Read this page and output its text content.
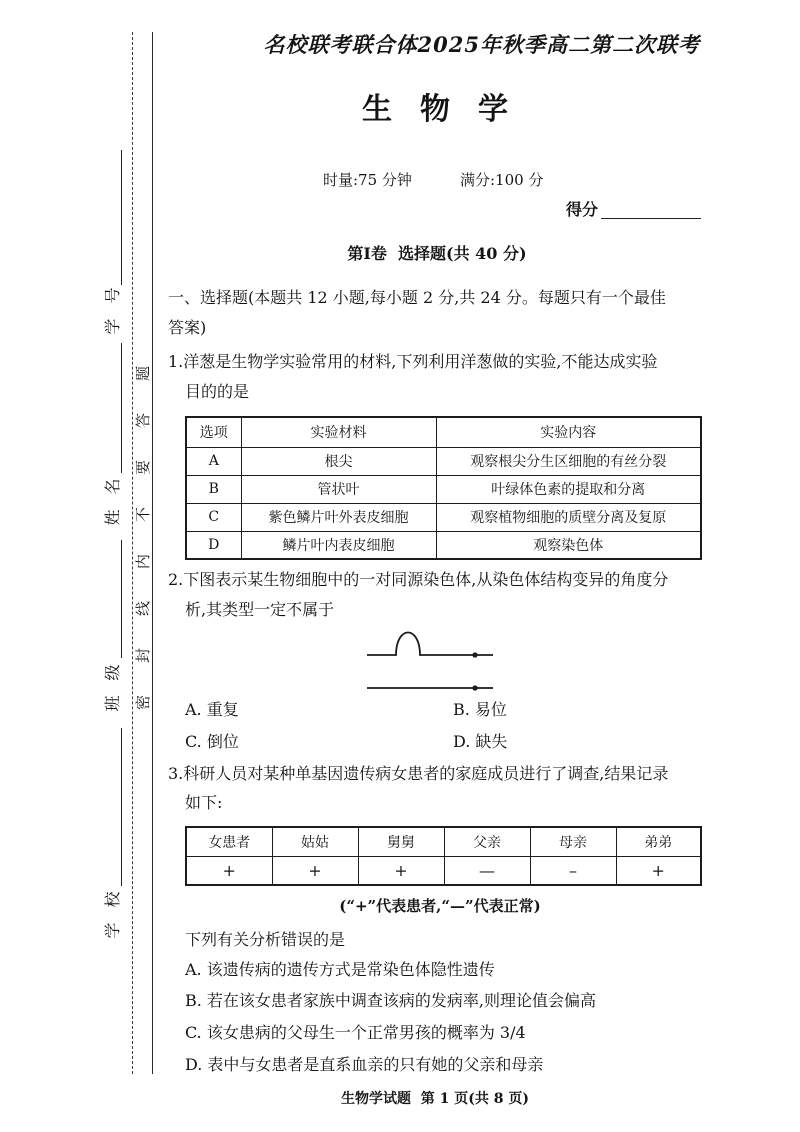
学号
姓名
班级
学校
密封线内不要答题
名校联考联合体2025年秋季高二第二次联考
生物学
时量:75 分钟	满分:100 分
得分
第Ⅰ卷  选择题(共 40 分)
一、选择题(本题共 12 小题,每小题 2 分,共 24 分。每题只有一个最佳
答案)
1.洋葱是生物学实验常用的材料,下列利用洋葱做的实验,不能达成实验
目的的是
选项	实验材料	实验内容
A	根尖	观察根尖分生区细胞的有丝分裂
B	管状叶	叶绿体色素的提取和分离
C	紫色鳞片叶外表皮细胞	观察植物细胞的质壁分离及复原
D	鳞片叶内表皮细胞	观察染色体
2.下图表示某生物细胞中的一对同源染色体,从染色体结构变异的角度分
析,其类型一定不属于
A. 重复	B. 易位
C. 倒位	D. 缺失
3.科研人员对某种单基因遗传病女患者的家庭成员进行了调查,结果记录
如下:
女患者	姑姑	舅舅	父亲	母亲	弟弟
+	+	+	—	–	+
(“+”代表患者,“—”代表正常)
下列有关分析错误的是
A. 该遗传病的遗传方式是常染色体隐性遗传
B. 若在该女患者家族中调查该病的发病率,则理论值会偏高
C. 该女患病的父母生一个正常男孩的概率为 3/4
D. 表中与女患者是直系血亲的只有她的父亲和母亲
生物学试题  第 1 页(共 8 页)
